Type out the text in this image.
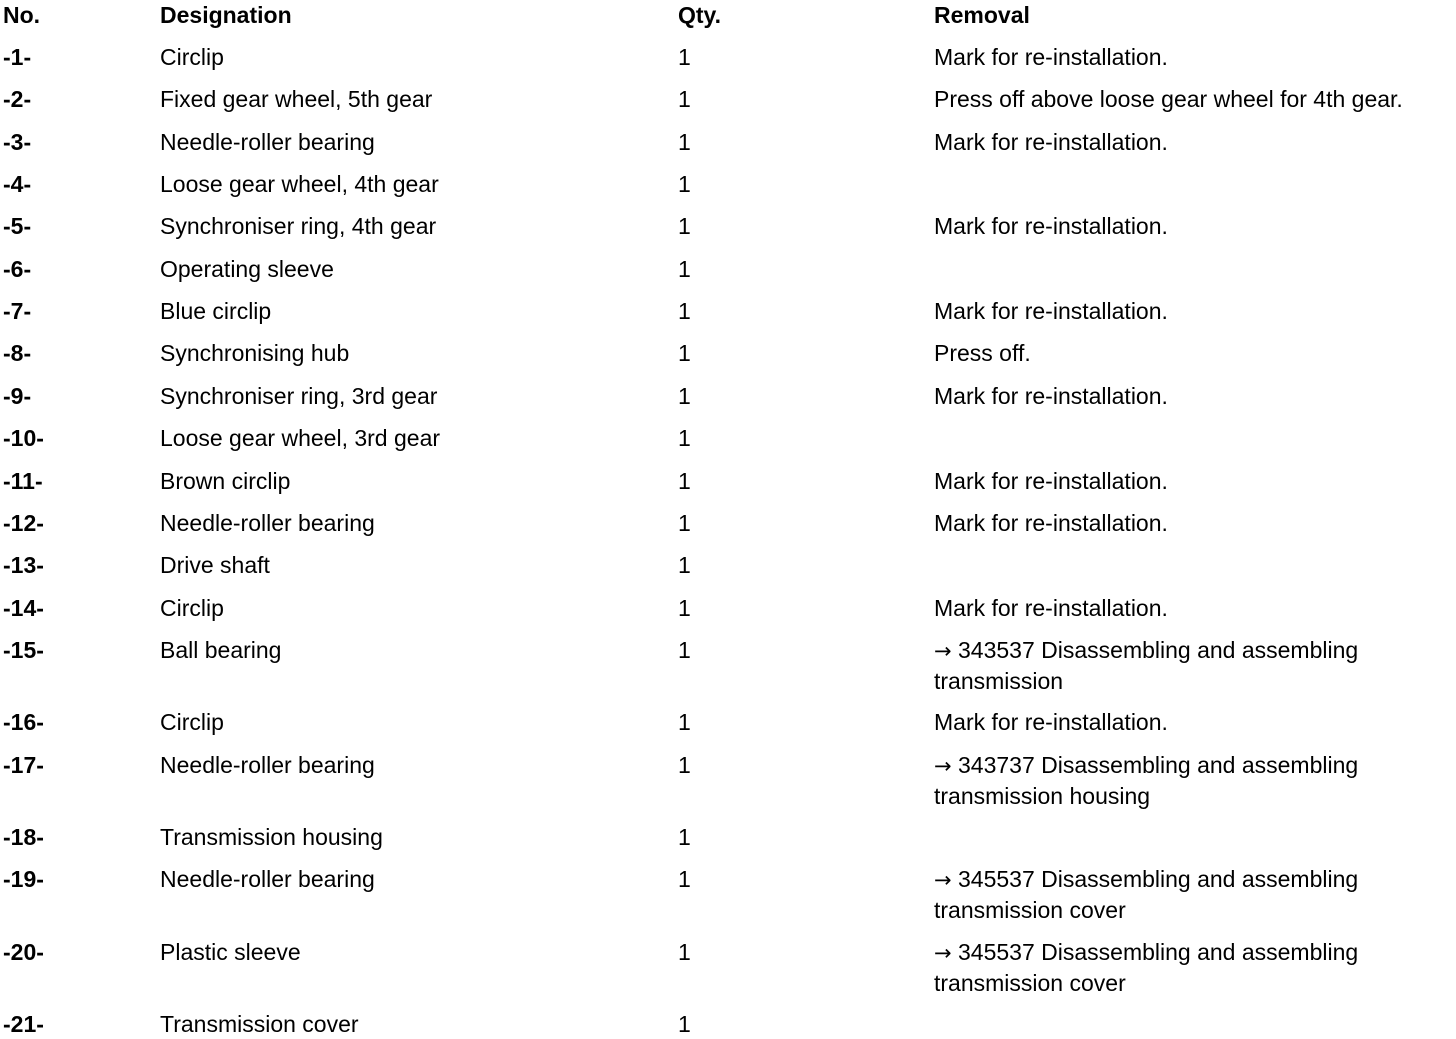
No.	Designation	Qty.	Removal
-1-	Circlip	1	Mark for re-installation.
-2-	Fixed gear wheel, 5th gear	1	Press off above loose gear wheel for 4th gear.
-3-	Needle-roller bearing	1	Mark for re-installation.
-4-	Loose gear wheel, 4th gear	1
-5-	Synchroniser ring, 4th gear	1	Mark for re-installation.
-6-	Operating sleeve	1
-7-	Blue circlip	1	Mark for re-installation.
-8-	Synchronising hub	1	Press off.
-9-	Synchroniser ring, 3rd gear	1	Mark for re-installation.
-10-	Loose gear wheel, 3rd gear	1
-11-	Brown circlip	1	Mark for re-installation.
-12-	Needle-roller bearing	1	Mark for re-installation.
-13-	Drive shaft	1
-14-	Circlip	1	Mark for re-installation.
-15-	Ball bearing	1	→ 343537 Disassembling and assembling
transmission
-16-	Circlip	1	Mark for re-installation.
-17-	Needle-roller bearing	1	→ 343737 Disassembling and assembling
transmission housing
-18-	Transmission housing	1
-19-	Needle-roller bearing	1	→ 345537 Disassembling and assembling
transmission cover
-20-	Plastic sleeve	1	→ 345537 Disassembling and assembling
transmission cover
-21-	Transmission cover	1
